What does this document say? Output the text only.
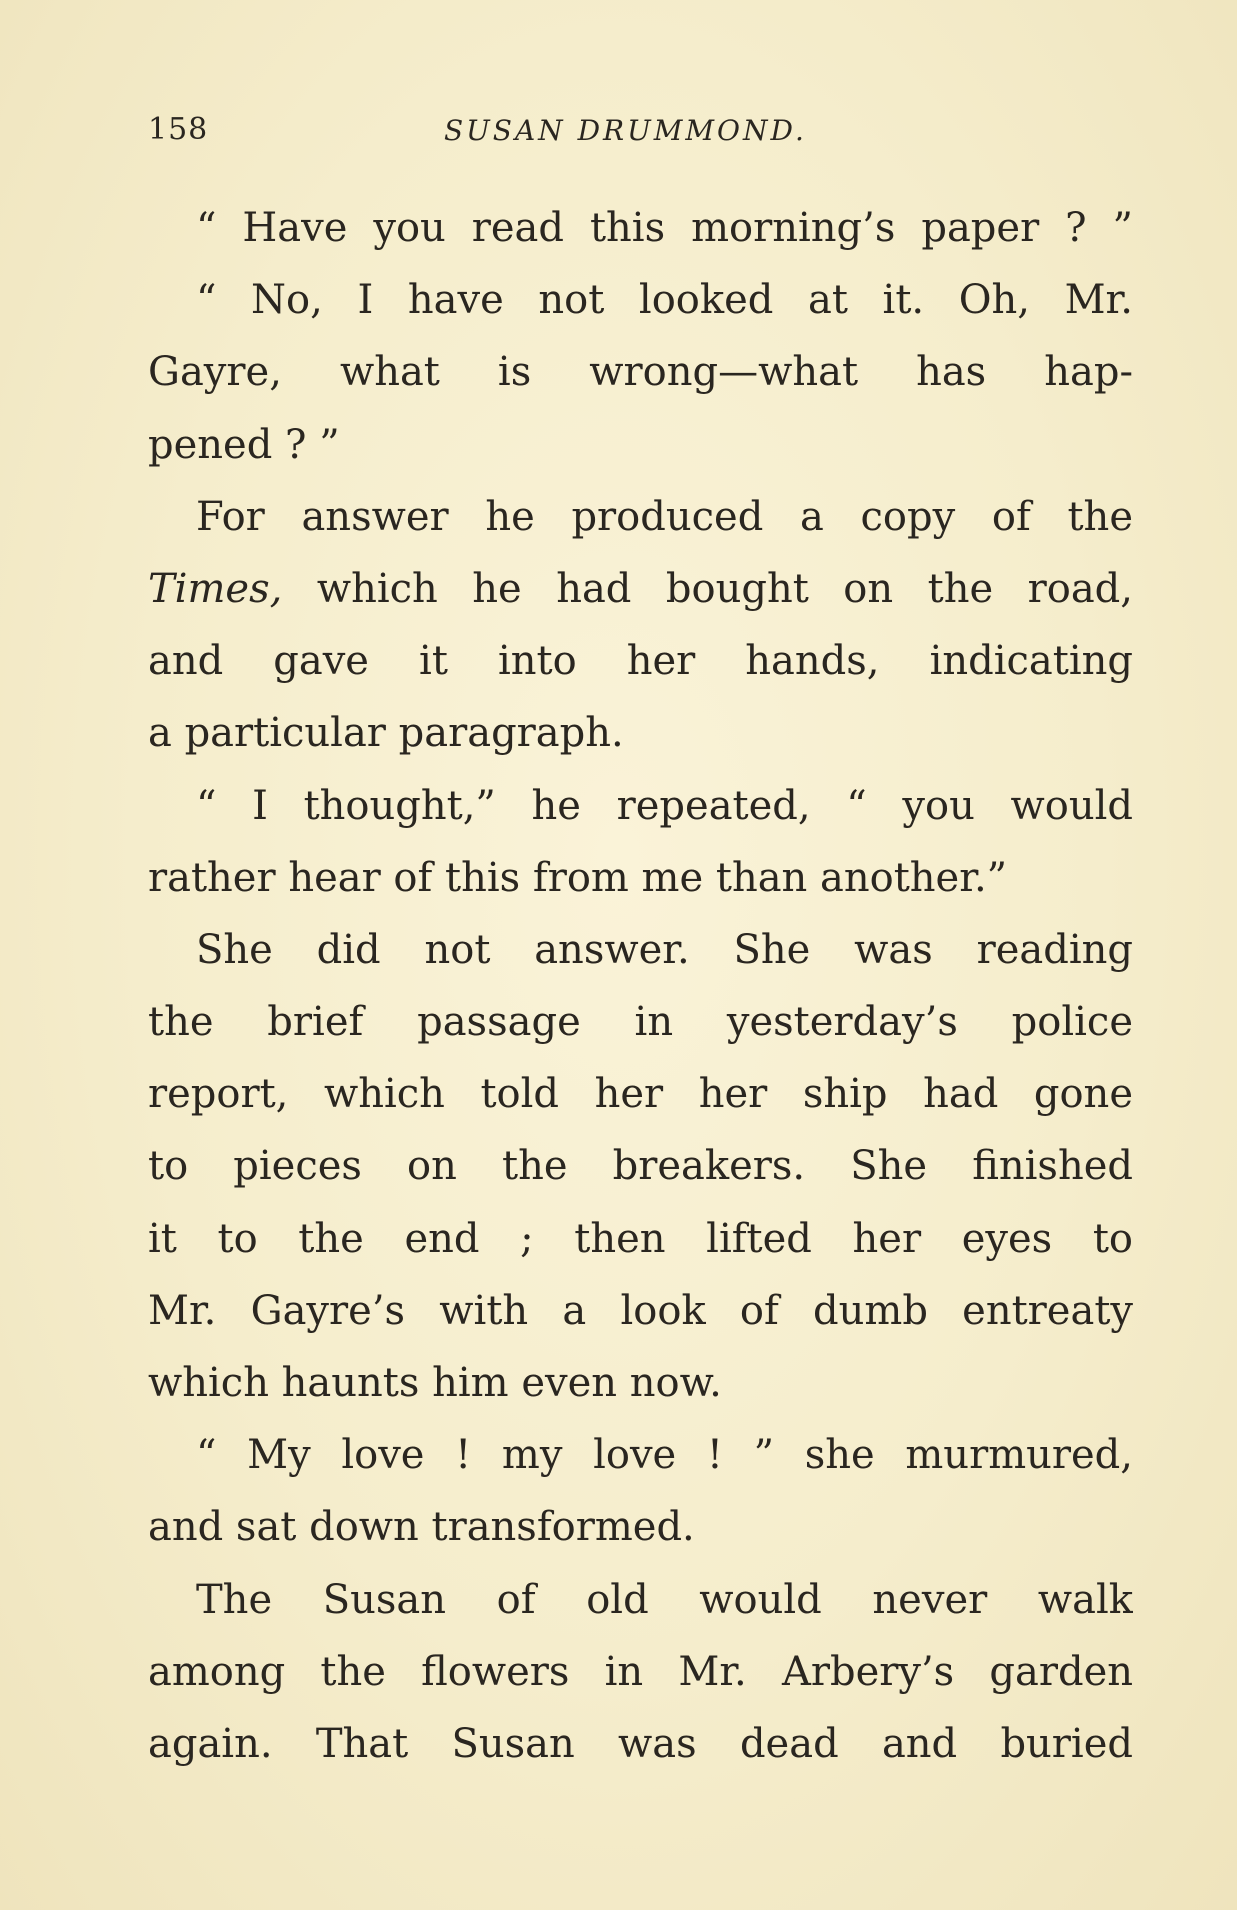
158	SUSAN DRUMMOND.
“ Have you read this morning’s paper ? ”
“ No, I have not looked at it. Oh, Mr.
Gayre, what is wrong—what has hap-
pened ? ”
For answer he produced a copy of the
Times, which he had bought on the road,
and gave it into her hands, indicating
a particular paragraph.
“ I thought,” he repeated, “ you would
rather hear of this from me than another.”
She did not answer. She was reading
the brief passage in yesterday’s police
report, which told her her ship had gone
to pieces on the breakers. She finished
it to the end ; then lifted her eyes to
Mr. Gayre’s with a look of dumb entreaty
which haunts him even now.
“ My love ! my love ! ” she murmured,
and sat down transformed.
The Susan of old would never walk
among the flowers in Mr. Arbery’s garden
again. That Susan was dead and buried
